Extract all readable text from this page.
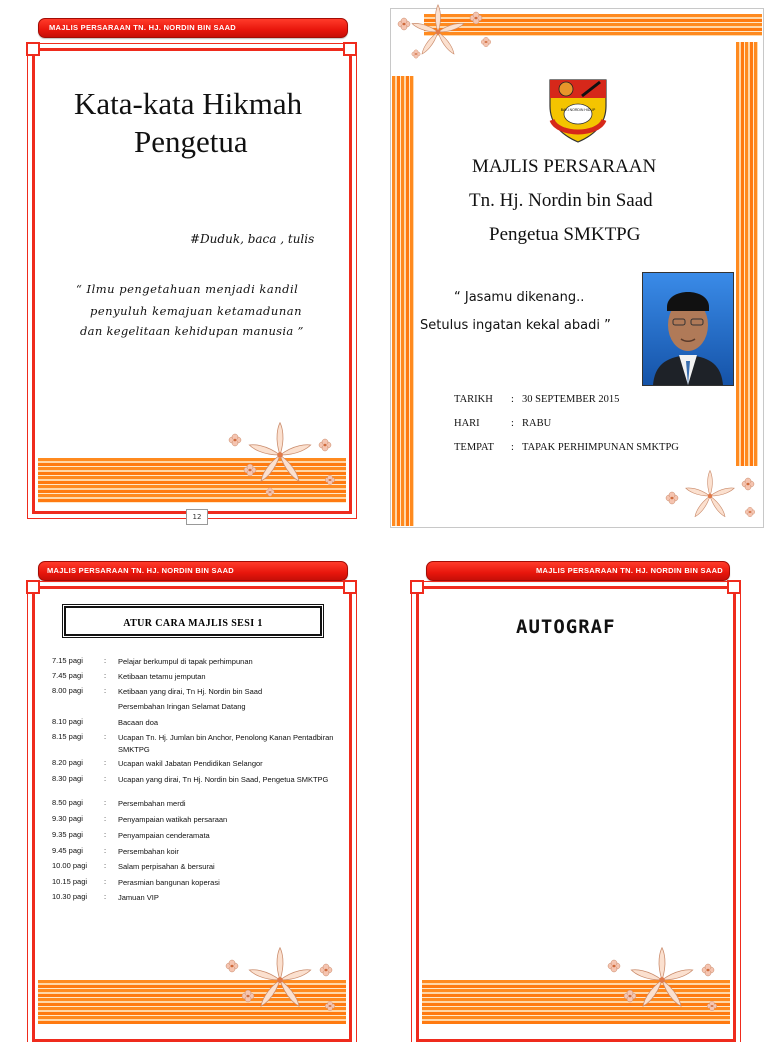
MAJLIS PERSARAAN TN. HJ. NORDIN BIN SAAD
Kata-kata Hikmah
Pengetua
#Duduk, baca , tulis
“ Ilmu pengetahuan menjadi kandil
penyuluh kemajuan ketamadunan
dan kegelitaan kehidupan manusia ”
12
BAKI NORDIN HIDUP
MAJLIS PERSARAAN
Tn. Hj. Nordin bin Saad
Pengetua SMKTPG
“ Jasamu dikenang..
Setulus ingatan kekal abadi ”
TARIKH : 30 SEPTEMBER 2015
HARI	: RABU
TEMPAT : TAPAK PERHIMPUNAN SMKTPG
MAJLIS PERSARAAN TN. HJ. NORDIN BIN SAAD
ATUR CARA MAJLIS SESI 1
7.15 pagi	: Pelajar berkumpul di tapak perhimpunan
7.45 pagi	: Ketibaan tetamu jemputan
8.00 pagi	: Ketibaan yang dirai, Tn Hj. Nordin bin Saad
Persembahan Iringan Selamat Datang
8.10 pagi	Bacaan doa
8.15 pagi	: Ucapan Tn. Hj. Jumlan bin Anchor, Penolong Kanan Pentadbiran SMKTPG
8.20 pagi	: Ucapan wakil Jabatan Pendidikan Selangor
8.30 pagi	: Ucapan yang dirai, Tn Hj. Nordin bin Saad, Pengetua SMKTPG
8.50 pagi	: Persembahan merdi
9.30 pagi	: Penyampaian watikah persaraan
9.35 pagi	: Penyampaian cenderamata
9.45 pagi	: Persembahan koir
10.00 pagi	: Salam perpisahan & bersurai
10.15 pagi	: Perasmian bangunan koperasi
10.30 pagi	: Jamuan VIP
MAJLIS PERSARAAN TN. HJ. NORDIN BIN SAAD
AUTOGRAF
